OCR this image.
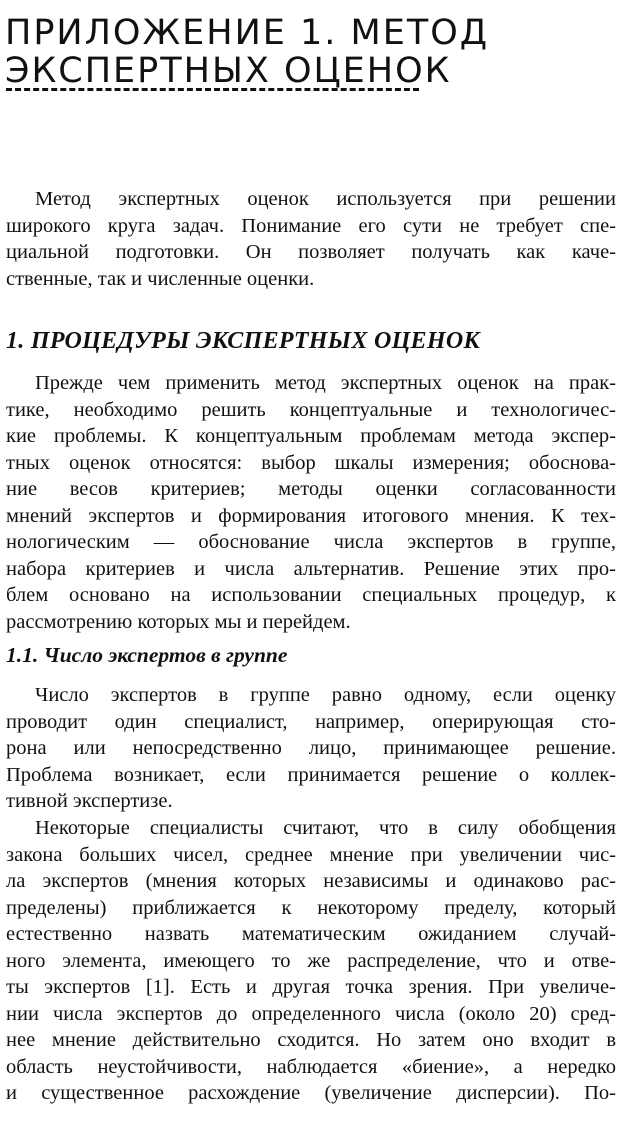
ПРИЛОЖЕНИЕ 1. МЕТОД
ЭКСПЕРТНЫХ ОЦЕНОК

Метод экспертных оценок используется при решении
широкого круга задач. Понимание его сути не требует спе-
циальной подготовки. Он позволяет получать как каче-
ственные, так и численные оценки.

1. ПРОЦЕДУРЫ ЭКСПЕРТНЫХ ОЦЕНОК

Прежде чем применить метод экспертных оценок на прак-
тике, необходимо решить концептуальные и технологичес-
кие проблемы. К концептуальным проблемам метода экспер-
тных оценок относятся: выбор шкалы измерения; обоснова-
ние весов критериев; методы оценки согласованности
мнений экспертов и формирования итогового мнения. К тех-
нологическим — обоснование числа экспертов в группе,
набора критериев и числа альтернатив. Решение этих про-
блем основано на использовании специальных процедур, к
рассмотрению которых мы и перейдем.

1.1. Число экспертов в группе

Число экспертов в группе равно одному, если оценку
проводит один специалист, например, оперирующая сто-
рона или непосредственно лицо, принимающее решение.
Проблема возникает, если принимается решение о коллек-
тивной экспертизе.

Некоторые специалисты считают, что в силу обобщения
закона больших чисел, среднее мнение при увеличении чис-
ла экспертов (мнения которых независимы и одинаково рас-
пределены) приближается к некоторому пределу, который
естественно назвать математическим ожиданием случай-
ного элемента, имеющего то же распределение, что и отве-
ты экспертов [1]. Есть и другая точка зрения. При увеличе-
нии числа экспертов до определенного числа (около 20) сред-
нее мнение действительно сходится. Но затем оно входит в
область неустойчивости, наблюдается «биение», а нередко
и существенное расхождение (увеличение дисперсии). По-
